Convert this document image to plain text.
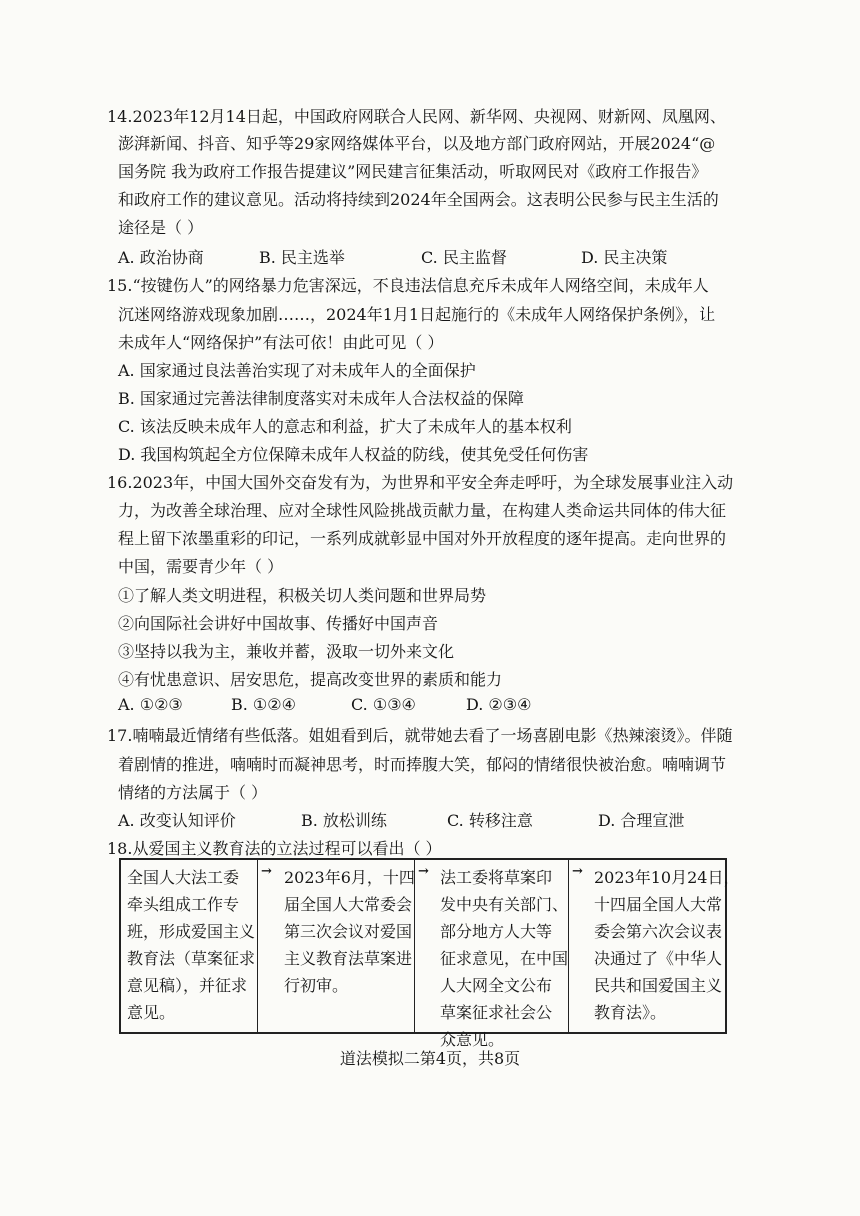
14.2023年12月14日起，中国政府网联合人民网、新华网、央视网、财新网、凤凰网、
澎湃新闻、抖音、知乎等29家网络媒体平台，以及地方部门政府网站，开展2024“@
国务院 我为政府工作报告提建议”网民建言征集活动，听取网民对《政府工作报告》
和政府工作的建议意见。活动将持续到2024年全国两会。这表明公民参与民主生活的
途径是（ ）
A. 政治协商	B. 民主选举	C. 民主监督	D. 民主决策
15.“按键伤人”的网络暴力危害深远，不良违法信息充斥未成年人网络空间，未成年人
沉迷网络游戏现象加剧……，2024年1月1日起施行的《未成年人网络保护条例》，让
未成年人“网络保护”有法可依！由此可见（ ）
A. 国家通过良法善治实现了对未成年人的全面保护
B. 国家通过完善法律制度落实对未成年人合法权益的保障
C. 该法反映未成年人的意志和利益，扩大了未成年人的基本权利
D. 我国构筑起全方位保障未成年人权益的防线，使其免受任何伤害
16.2023年，中国大国外交奋发有为，为世界和平安全奔走呼吁，为全球发展事业注入动
力，为改善全球治理、应对全球性风险挑战贡献力量，在构建人类命运共同体的伟大征
程上留下浓墨重彩的印记，一系列成就彰显中国对外开放程度的逐年提高。走向世界的
中国，需要青少年（ ）
①了解人类文明进程，积极关切人类问题和世界局势
②向国际社会讲好中国故事、传播好中国声音
③坚持以我为主，兼收并蓄，汲取一切外来文化
④有忧患意识、居安思危，提高改变世界的素质和能力
A. ①②③	B. ①②④	C. ①③④	D. ②③④
17.喃喃最近情绪有些低落。姐姐看到后，就带她去看了一场喜剧电影《热辣滚烫》。伴随
着剧情的推进，喃喃时而凝神思考，时而捧腹大笑，郁闷的情绪很快被治愈。喃喃调节
情绪的方法属于（ ）
A. 改变认知评价	B. 放松训练	C. 转移注意	D. 合理宣泄
18.从爱国主义教育法的立法过程可以看出（ ）
全国人大法工委
牵头组成工作专
班，形成爱国主义
教育法（草案征求
意见稿），并征求
意见。
→ 2023年6月，十四
届全国人大常委会
第三次会议对爱国
主义教育法草案进
行初审。
→ 法工委将草案印
发中央有关部门、
部分地方人大等
征求意见，在中国
人大网全文公布
草案征求社会公
众意见。
→ 2023年10月24日，
十四届全国人大常
委会第六次会议表
决通过了《中华人
民共和国爱国主义
教育法》。
道法模拟二第4页，共8页
